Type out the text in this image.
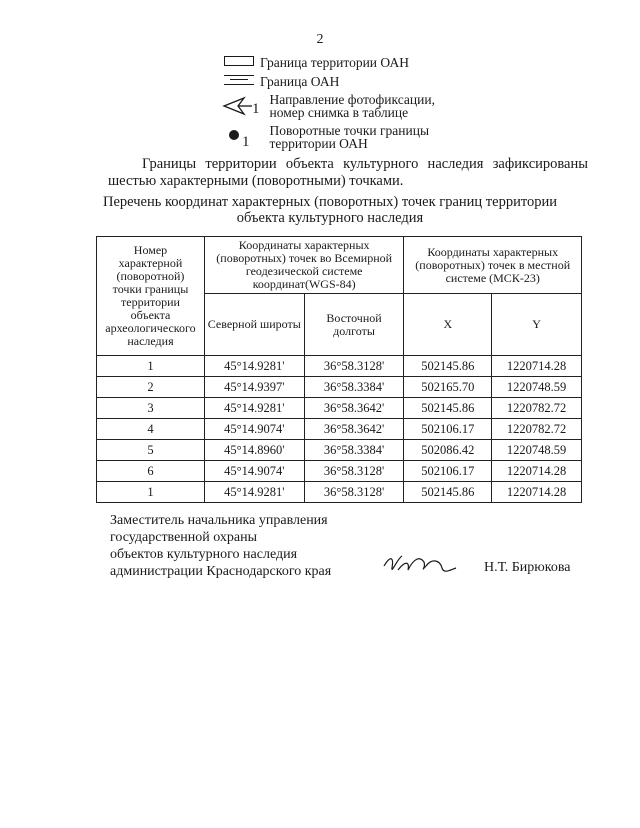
2
Граница территории ОАН
Граница ОАН
1
Направление фотофиксации,
номер снимка в таблице
1
Поворотные точки границы
территории ОАН
Границы территории объекта культурного наследия зафиксированы шестью характерными (поворотными) точками.
Перечень координат характерных (поворотных) точек границ территории
объекта культурного наследия
Номер характерной (поворотной) точки границы территории объекта археологического наследия	Координаты характерных (поворотных) точек во Всемирной геодезической системе координат(WGS-84)		Координаты характерных (поворотных) точек в местной системе (МСК-23)	
	Северной широты	Восточной долготы	X	Y
1	45°14.9281'	36°58.3128'	502145.86	1220714.28
2	45°14.9397'	36°58.3384'	502165.70	1220748.59
3	45°14.9281'	36°58.3642'	502145.86	1220782.72
4	45°14.9074'	36°58.3642'	502106.17	1220782.72
5	45°14.8960'	36°58.3384'	502086.42	1220748.59
6	45°14.9074'	36°58.3128'	502106.17	1220714.28
1	45°14.9281'	36°58.3128'	502145.86	1220714.28
Заместитель начальника управления
государственной охраны
объектов культурного наследия
администрации Краснодарского края	Н.Т. Бирюкова
